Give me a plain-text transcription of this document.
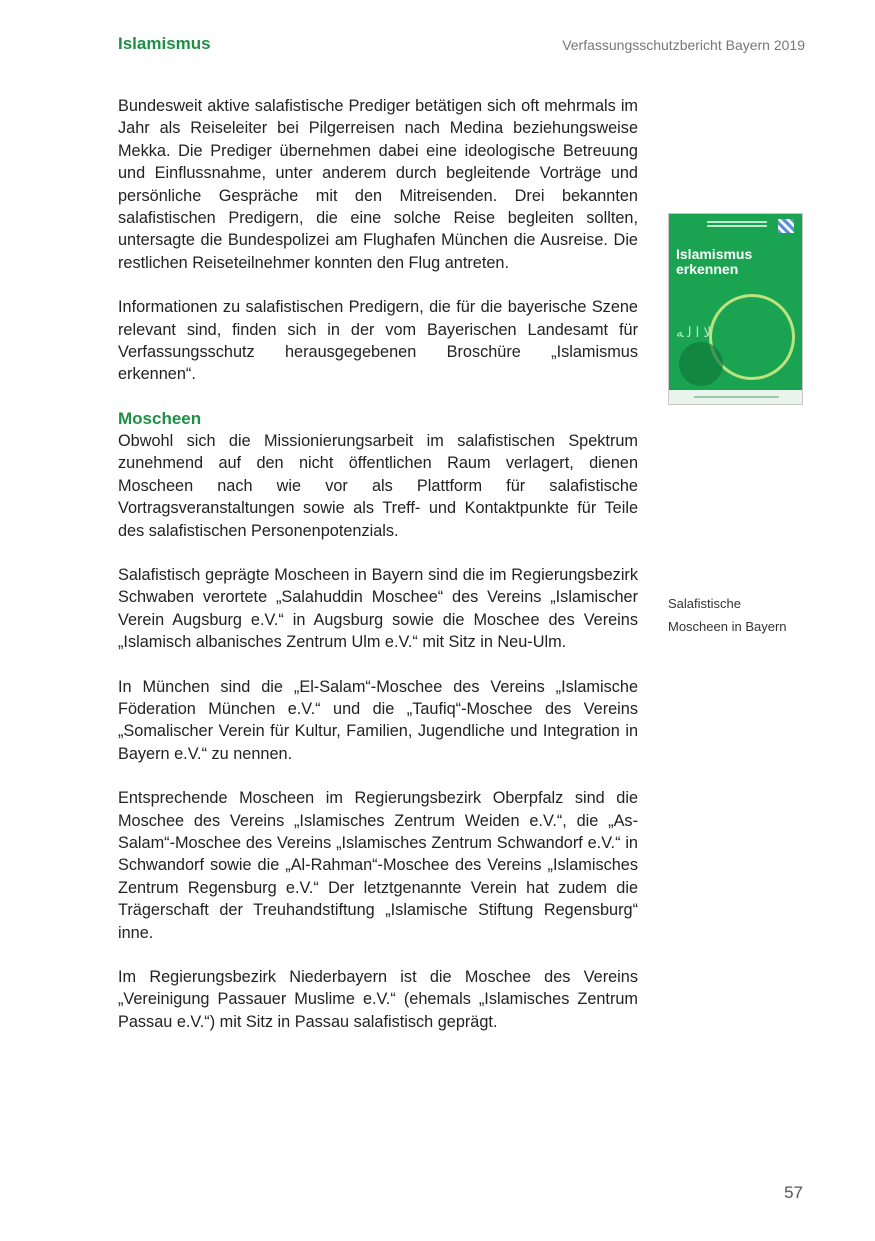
Islamismus	Verfassungsschutzbericht Bayern 2019

Bundesweit aktive salafistische Prediger betätigen sich oft mehrmals im Jahr als Reiseleiter bei Pilgerreisen nach Medina beziehungsweise Mekka. Die Prediger übernehmen dabei eine ideologische Betreuung und Einflussnahme, unter anderem durch begleitende Vorträge und persönliche Gespräche mit den Mitreisenden. Drei bekannten salafistischen Predigern, die eine solche Reise begleiten sollten, untersagte die Bundespolizei am Flughafen München die Ausreise. Die restlichen Reiseteilnehmer konnten den Flug antreten.

Informationen zu salafistischen Predigern, die für die bayerische Szene relevant sind, finden sich in der vom Bayerischen Landesamt für Verfassungsschutz herausgegebenen Broschüre „Islamismus erkennen“.

Moscheen

Obwohl sich die Missionierungsarbeit im salafistischen Spektrum zunehmend auf den nicht öffentlichen Raum verlagert, dienen Moscheen nach wie vor als Plattform für salafistische Vortragsveranstaltungen sowie als Treff- und Kontaktpunkte für Teile des salafistischen Personenpotenzials.

Salafistisch geprägte Moscheen in Bayern sind die im Regierungsbezirk Schwaben verortete „Salahuddin Moschee“ des Vereins „Islamischer Verein Augsburg e.V.“ in Augsburg sowie die Moschee des Vereins „Islamisch albanisches Zentrum Ulm e.V.“ mit Sitz in Neu-Ulm.

In München sind die „El-Salam“-Moschee des Vereins „Islamische Föderation München e.V.“ und die „Taufiq“-Moschee des Vereins „Somalischer Verein für Kultur, Familien, Jugendliche und Integration in Bayern e.V.“ zu nennen.

Entsprechende Moscheen im Regierungsbezirk Oberpfalz sind die Moschee des Vereins „Islamisches Zentrum Weiden e.V.“, die „As-Salam“-Moschee des Vereins „Islamisches Zentrum Schwandorf e.V.“ in Schwandorf sowie die „Al-Rahman“-Moschee des Vereins „Islamisches Zentrum Regensburg e.V.“ Der letztgenannte Verein hat zudem die Trägerschaft der Treuhandstiftung „Islamische Stiftung Regensburg“ inne.

Im Regierungsbezirk Niederbayern ist die Moschee des Vereins „Vereinigung Passauer Muslime e.V.“ (ehemals „Islamisches Zentrum Passau e.V.“) mit Sitz in Passau salafistisch geprägt.

Islamismus
erkennen
ﻻ ﺍ ﻟ ﻪ
Salafistische
Moscheen in Bayern
57
